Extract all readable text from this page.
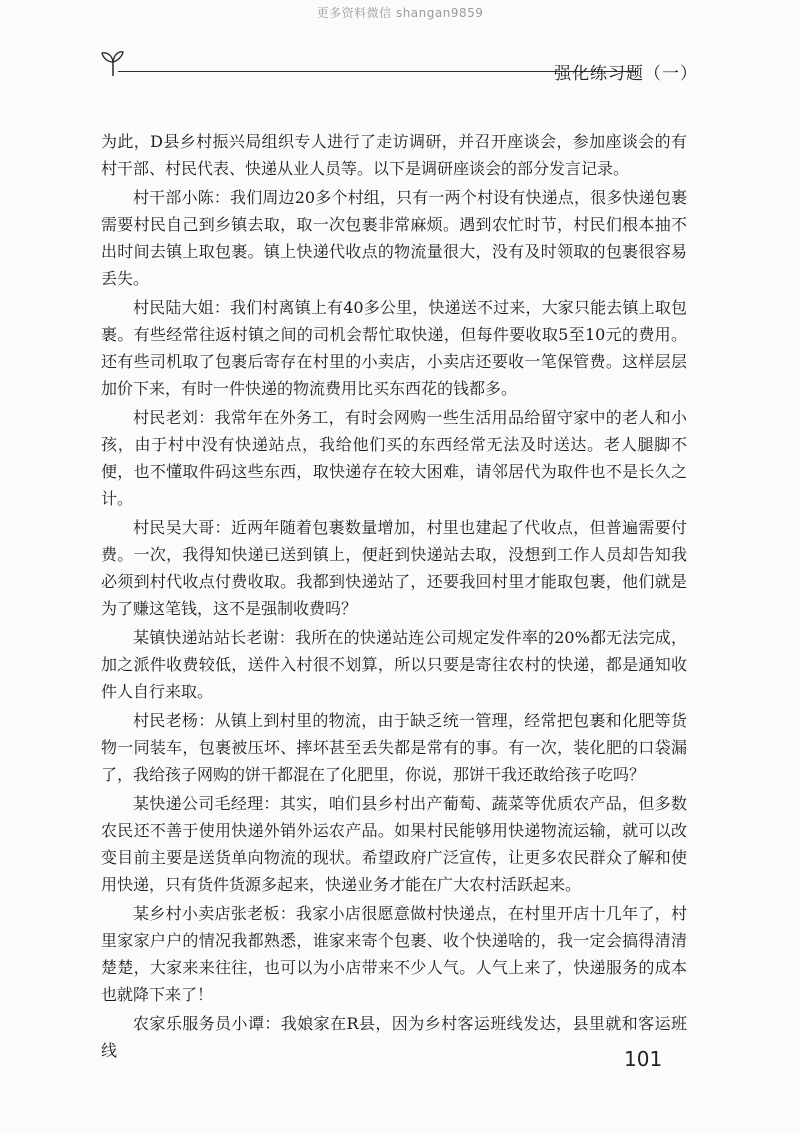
更多资料微信 shangan9859
强化练习题（一）

为此，D县乡村振兴局组织专人进行了走访调研，并召开座谈会，参加座谈会的有村干部、村民代表、快递从业人员等。以下是调研座谈会的部分发言记录。

村干部小陈：我们周边20多个村组，只有一两个村设有快递点，很多快递包裹需要村民自己到乡镇去取，取一次包裹非常麻烦。遇到农忙时节，村民们根本抽不出时间去镇上取包裹。镇上快递代收点的物流量很大，没有及时领取的包裹很容易丢失。

村民陆大姐：我们村离镇上有40多公里，快递送不过来，大家只能去镇上取包裹。有些经常往返村镇之间的司机会帮忙取快递，但每件要收取5至10元的费用。还有些司机取了包裹后寄存在村里的小卖店，小卖店还要收一笔保管费。这样层层加价下来，有时一件快递的物流费用比买东西花的钱都多。

村民老刘：我常年在外务工，有时会网购一些生活用品给留守家中的老人和小孩，由于村中没有快递站点，我给他们买的东西经常无法及时送达。老人腿脚不便，也不懂取件码这些东西，取快递存在较大困难，请邻居代为取件也不是长久之计。

村民吴大哥：近两年随着包裹数量增加，村里也建起了代收点，但普遍需要付费。一次，我得知快递已送到镇上，便赶到快递站去取，没想到工作人员却告知我必须到村代收点付费收取。我都到快递站了，还要我回村里才能取包裹，他们就是为了赚这笔钱，这不是强制收费吗？

某镇快递站站长老谢：我所在的快递站连公司规定发件率的20%都无法完成，加之派件收费较低，送件入村很不划算，所以只要是寄往农村的快递，都是通知收件人自行来取。

村民老杨：从镇上到村里的物流，由于缺乏统一管理，经常把包裹和化肥等货物一同装车，包裹被压坏、摔坏甚至丢失都是常有的事。有一次，装化肥的口袋漏了，我给孩子网购的饼干都混在了化肥里，你说，那饼干我还敢给孩子吃吗？

某快递公司毛经理：其实，咱们县乡村出产葡萄、蔬菜等优质农产品，但多数农民还不善于使用快递外销外运农产品。如果村民能够用快递物流运输，就可以改变目前主要是送货单向物流的现状。希望政府广泛宣传，让更多农民群众了解和使用快递，只有货件货源多起来，快递业务才能在广大农村活跃起来。

某乡村小卖店张老板：我家小店很愿意做村快递点，在村里开店十几年了，村里家家户户的情况我都熟悉，谁家来寄个包裹、收个快递啥的，我一定会搞得清清楚楚，大家来来往往，也可以为小店带来不少人气。人气上来了，快递服务的成本也就降下来了！

农家乐服务员小谭：我娘家在R县，因为乡村客运班线发达，县里就和客运班线	101
